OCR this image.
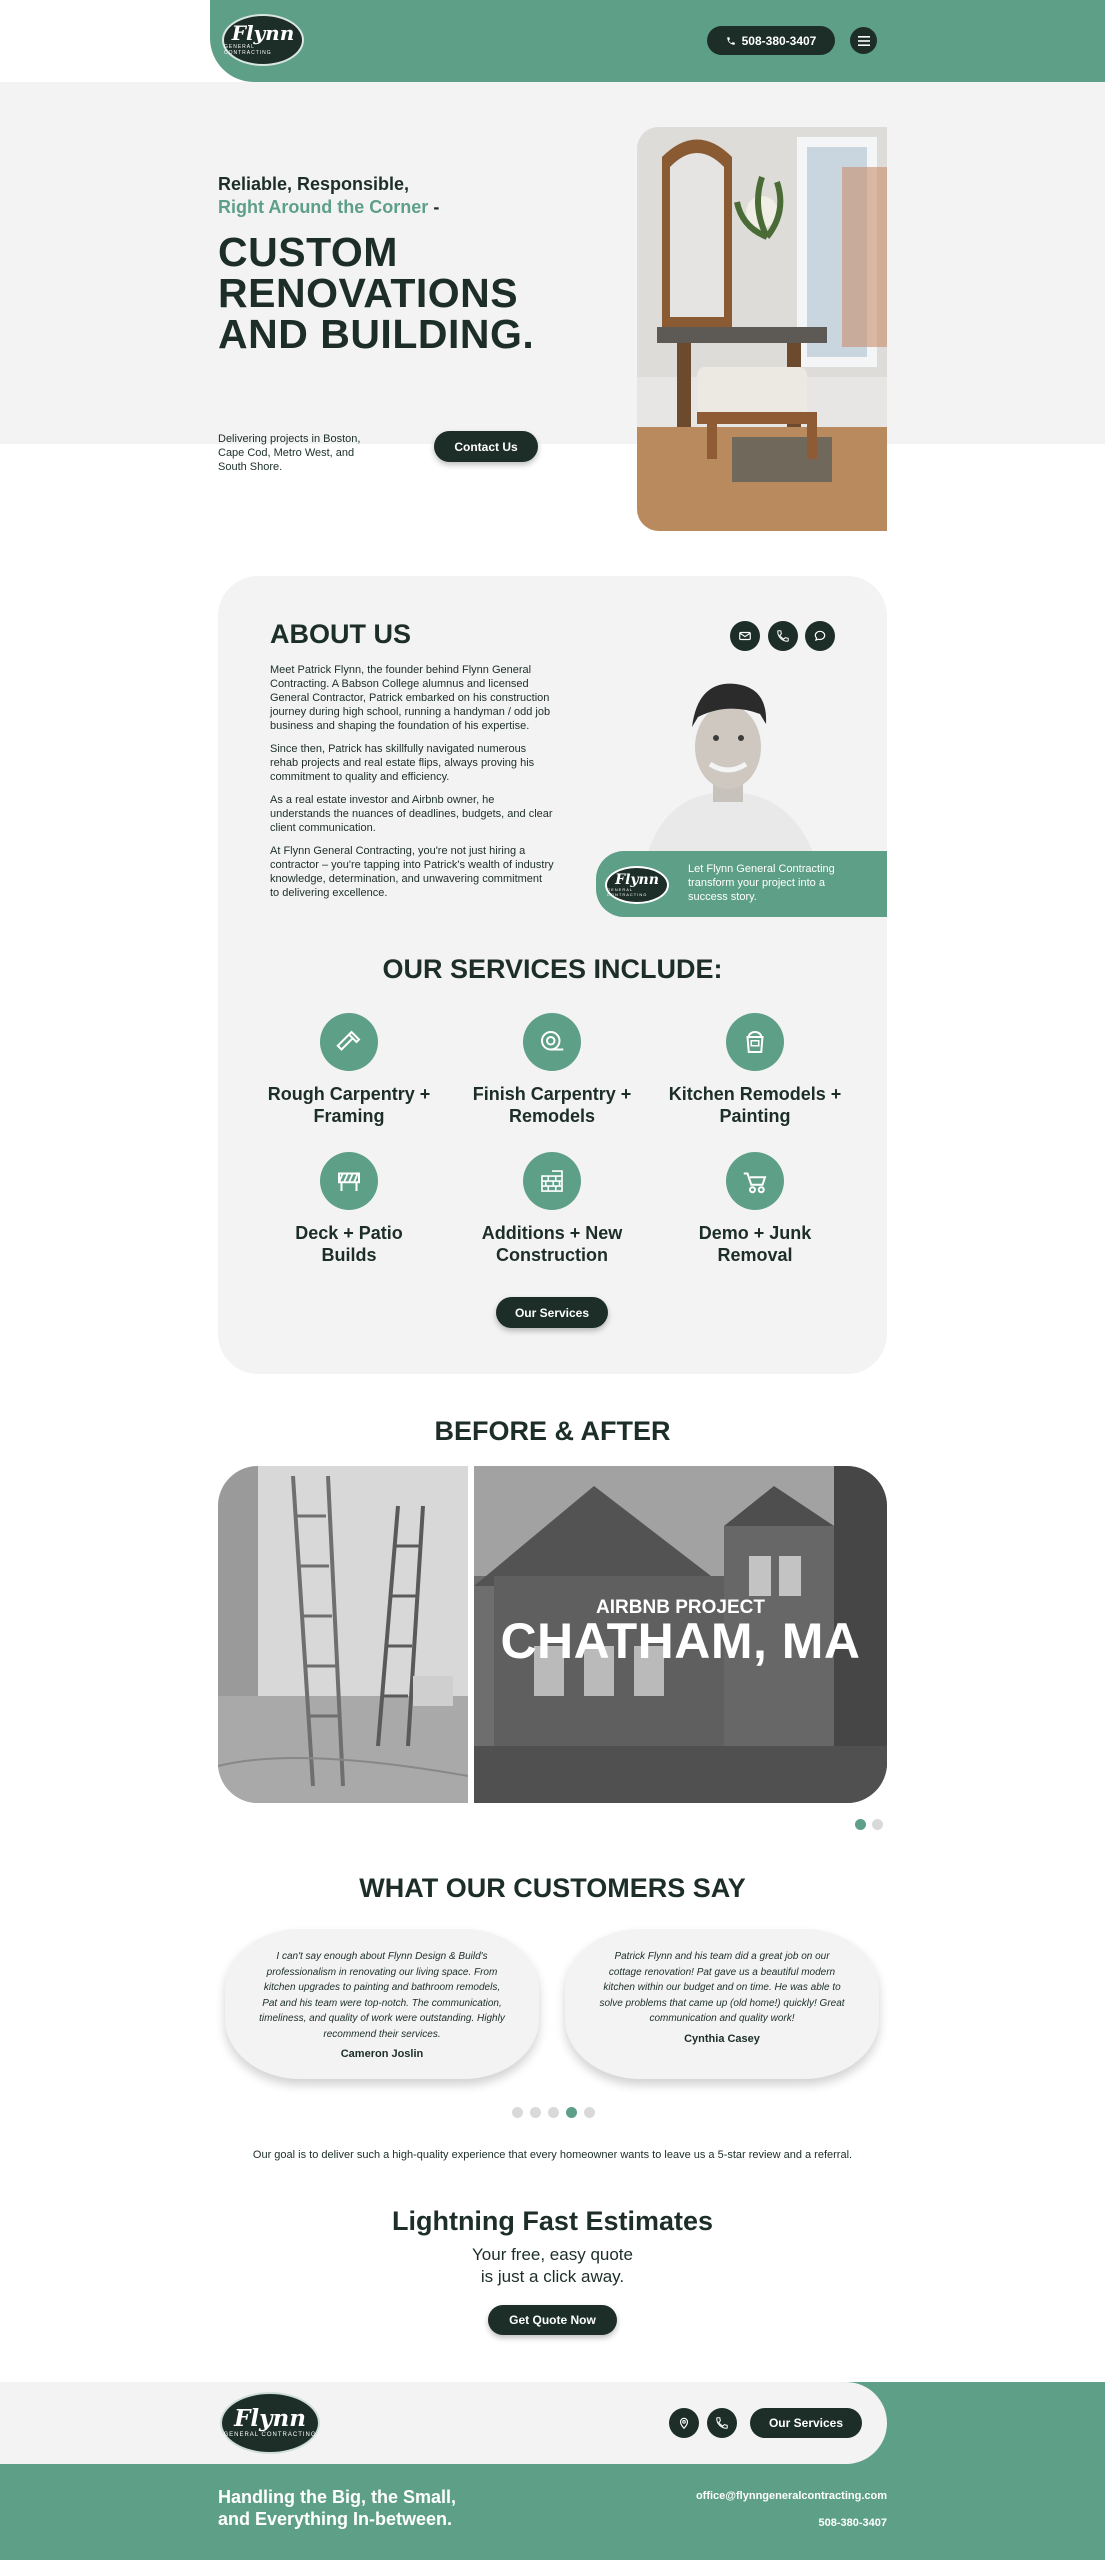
Flynn
GENERAL CONTRACTING
508-380-3407
Reliable, Responsible,
Right Around the Corner -
CUSTOM
RENOVATIONS
AND BUILDING.
Delivering projects in Boston, Cape Cod, Metro West, and South Shore.
Contact Us
ABOUT US

Meet Patrick Flynn, the founder behind Flynn General Contracting. A Babson College alumnus and licensed General Contractor, Patrick embarked on his construction journey during high school, running a handyman / odd job business and shaping the foundation of his expertise.

Since then, Patrick has skillfully navigated numerous rehab projects and real estate flips, always proving his commitment to quality and efficiency.

As a real estate investor and Airbnb owner, he understands the nuances of deadlines, budgets, and clear client communication.

At Flynn General Contracting, you're not just hiring a contractor – you're tapping into Patrick's wealth of industry knowledge, determination, and unwavering commitment to delivering excellence.

Flynn
GENERAL CONTRACTING
Let Flynn General Contracting transform your project into a success story.
OUR SERVICES INCLUDE:
Rough Carpentry +
Framing
Finish Carpentry +
Remodels
Kitchen Remodels +
Painting
Deck + Patio
Builds
Additions + New
Construction
Demo + Junk
Removal
Our Services
BEFORE & AFTER
AIRBNB PROJECT
CHATHAM, MA
WHAT OUR CUSTOMERS SAY
I can't say enough about Flynn Design & Build's professionalism in renovating our living space. From kitchen upgrades to painting and bathroom remodels, Pat and his team were top-notch. The communication, timeliness, and quality of work were outstanding. Highly recommend their services.
Cameron Joslin
Patrick Flynn and his team did a great job on our cottage renovation! Pat gave us a beautiful modern kitchen within our budget and on time. He was able to solve problems that came up (old home!) quickly! Great communication and quality work!
Cynthia Casey
Our goal is to deliver such a high-quality experience that every homeowner wants to leave us a 5-star review and a referral.
Lightning Fast Estimates
Your free, easy quote
is just a click away.
Get Quote Now
Flynn
GENERAL CONTRACTING
Our Services
Handling the Big, the Small,
and Everything In-between.
office@flynngeneralcontracting.com
508-380-3407
